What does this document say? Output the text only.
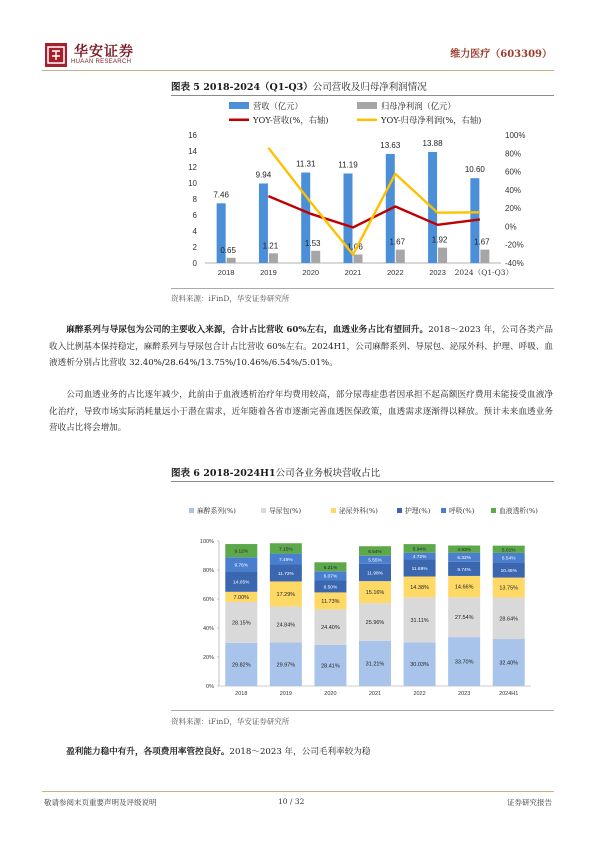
华安证券
HUAAN RESEARCH
维力医疗（603309）
图表 5 2018-2024（Q1-Q3）公司营收及归母净利润情况
营收（亿元）	归母净利润（亿元）
YOY-营收(%，右轴)	YOY-归母净利润(%，右轴)
0
2
4
6
8
10
12
14
16
-40%
-20%
0%
20%
40%
60%
80%
100%
7.46
0.65
2018
9.94
1.21
2019
11.31
1.53
2020
11.19
1.06
2021
13.63
1.67
2022
13.88
1.92
2023
10.60
1.67
2024（Q1-Q3）
资料来源：iFinD，华安证券研究所
麻醉系列与导尿包为公司的主要收入来源，合计占比营收 60%左右，血透业务占比有望回升。2018～2023 年，公司各类产品收入比例基本保持稳定，麻醉系列与导尿包合计占比营收 60%左右。2024H1，公司麻醉系列、导尿包、泌尿外科、护理、呼吸、血液透析分别占比营收 32.40%/28.64%/13.75%/10.46%/6.54%/5.01%。
公司血透业务的占比逐年减少，此前由于血液透析治疗年均费用较高，部分尿毒症患者因承担不起高额医疗费用未能接受血液净化治疗，导致市场实际消耗量远小于潜在需求，近年随着各省市逐渐完善血透医保政策，血透需求逐渐得以释放。预计未来血透业务营收占比将会增加。
图表 6 2018-2024H1公司各业务板块营收占比
麻醉系列(%)	导尿包(%)	泌尿外科(%)	护理(%)	呼吸(%)	血液透析(%)
0%
20%
40%
60%
80%
100%
29.82%
28.15%
7.00%
14.05%
9.76%
9.12%
2018
29.97%
24.84%
17.29%
11.72%
7.49%
7.15%
2019
28.41%
24.40%
11.73%
8.50%
6.07%
6.21%
2020
31.21%
25.96%
15.16%
11.98%
5.55%
6.54%
2021
30.03%
31.11%
14.38%
11.69%
4.72%
5.94%
2022
33.70%
27.54%
14.66%
9.74%
6.32%
4.93%
2023
32.40%
28.64%
13.75%
10.46%
6.54%
5.01%
2024H1
资料来源：iFinD，华安证券研究所
盈利能力稳中有升，各项费用率管控良好。2018～2023 年，公司毛利率较为稳
敬请参阅末页重要声明及评级说明	10 / 32	证券研究报告
